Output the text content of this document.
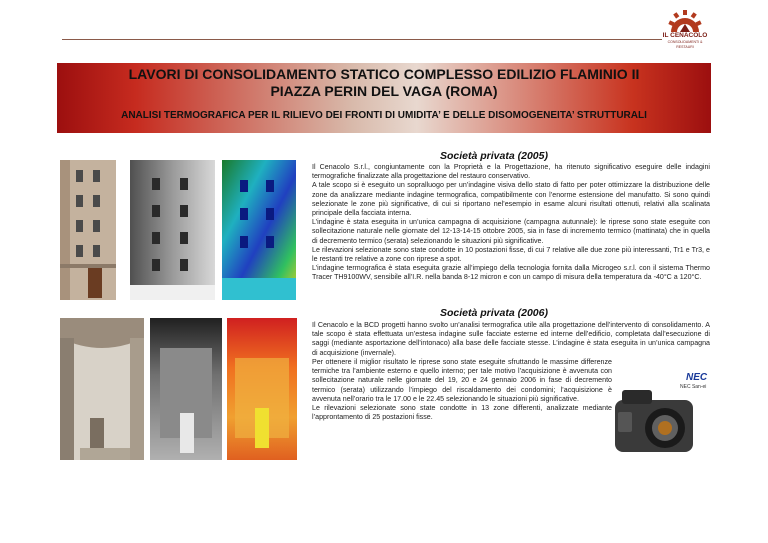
IL CENACOLO
CONSOLIDAMENTI & RESTAURI
LAVORI DI CONSOLIDAMENTO STATICO COMPLESSO EDILIZIO FLAMINIO II
PIAZZA PERIN DEL VAGA (ROMA)
ANALISI TERMOGRAFICA PER IL RILIEVO DEI FRONTI DI UMIDITA’ E DELLE DISOMOGENEITA’ STRUTTURALI
Società privata (2005)

Il Cenacolo S.r.l., congiuntamente con la Proprietà e la Progettazione, ha ritenuto significativo eseguire delle indagini termografiche finalizzate alla progettazione del restauro conservativo.

A tale scopo si è eseguito un sopralluogo per un’indagine visiva dello stato di fatto per poter ottimizzare la distribuzione delle zone da analizzare mediante indagine termografica, compatibilmente con l’enorme estensione del manufatto. Si sono quindi selezionate le zone più significative, di cui si riportano nel’esempio in esame alcuni risultati ottenuti, relativi alla scalinata principale della facciata interna.

L’indagine è stata eseguita in un’unica campagna di acquisizione (campagna autunnale): le riprese sono state eseguite con sollecitazione naturale nelle giornate del 12-13-14-15 ottobre 2005, sia in fase di incremento termico (mattinata) che in quella di decremento termico (serata) selezionando le situazioni più significative.

Le rilevazioni selezionate sono state condotte in 10 postazioni fisse, di cui 7 relative alle due zone più interessanti, Tr1 e Tr3, e le restanti tre relative a zone con riprese a spot.

L’indagine termografica è stata eseguita grazie all’impiego della tecnologia fornita dalla Microgeo s.r.l. con il sistema Thermo Tracer TH9100WV, sensibile all’I.R. nella banda 8-12 micron e con un campo di misura della temperatura da -40°C a 120°C.

Società privata (2006)

Il Cenacolo e la BCD progetti hanno svolto un’analisi termografica utile alla progettazione dell’intervento di consolidamento. A tale scopo è stata effettuata un’estesa indagine sulle facciate esterne ed interne dell’edificio, completata dall’esecuzione di saggi (mediante asportazione dell’intonaco) alla base delle facciate stesse. L’indagine è stata eseguita in un’unica campagna di acquisizione (invernale).

Per ottenere il miglior risultato le riprese sono state eseguite sfruttando le massime differenze termiche tra l’ambiente esterno e quello interno; per tale motivo l’acquisizione è avvenuta con sollecitazione naturale nelle giornate del 19, 20 e 24 gennaio 2006 in fase di decremento termico (serata) utilizzando l’impiego del riscaldamento dei condomini; l’acquisizione è avvenuta nell’orario tra le 17.00 e le 22.45 selezionando le situazioni più significative.

Le rilevazioni selezionate sono state condotte in 13 zone differenti, analizzate mediante l’approntamento di 25 postazioni fisse.

NEC
NEC San-ei
